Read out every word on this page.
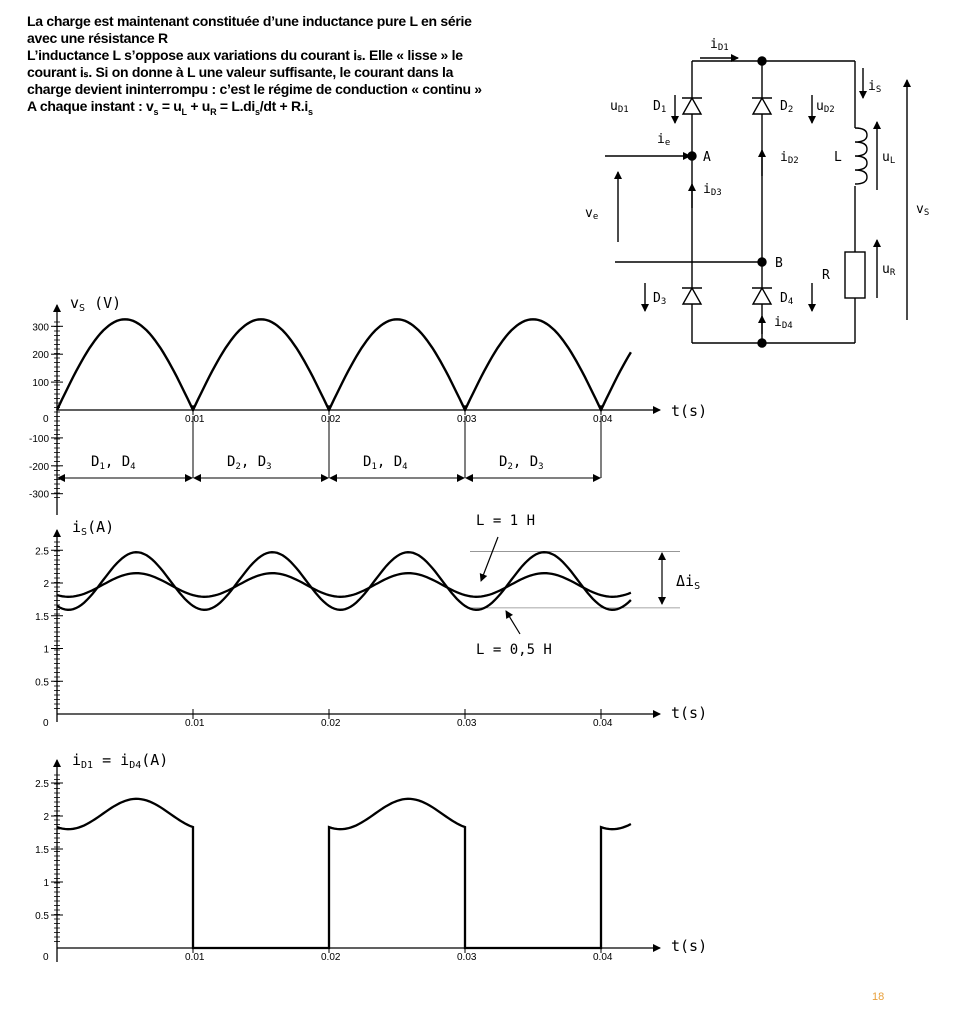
La charge est maintenant constituée d’une inductance pure L en série
avec une résistance R
L’inductance L s’oppose aux variations du courant iₛ. Elle « lisse » le
courant iₛ. Si on donne à L une valeur suffisante, le courant dans la
charge devient ininterrompu : c’est le régime de conduction « continu »
A chaque instant : $v_s = u_L + u_R = L.di_s/dt + R.i_s$
iD1
iS
uD1 D1	D2 uD2
ie
A	iD2	L	uL
iD3
vS
ve
B
R	uR
D3	D4
iD4
300
200
100
-100
-200
-300
0.01	0.02	0.03	0.04
0
$v_S$ (V)
t(s)
$D_1$, $D_4$	$D_2$, $D_3$	$D_1$, $D_4$	$D_2$, $D_3$
2.5
2
1.5
1
0.5
0.01	0.02	0.03	0.04
0
$i_S(A)$
t(s)
L = 1 H
L = 0,5 H
$\Delta i_S$
2.5
2
1.5
1
0.5
0.01	0.02	0.03	0.04
0
$i_{D1} = i_{D4}(A)$
t(s)
18
